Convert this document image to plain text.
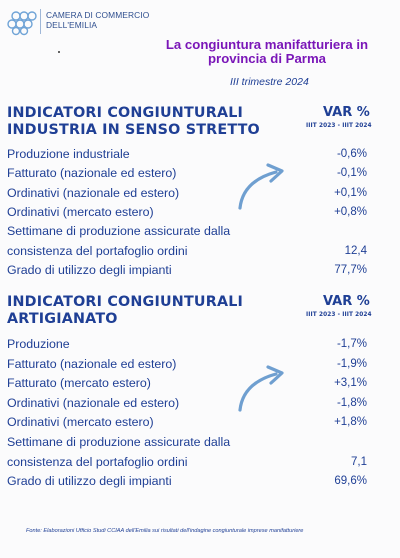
CAMERA DI COMMERCIO
DELL'EMILIA
La congiuntura manifatturiera in
provincia di Parma
III trimestre 2024
INDICATORI CONGIUNTURALI
INDUSTRIA IN SENSO STRETTO
VAR %
IIIT 2023 - IIIT 2024
Produzione industriale	-0,6%
Fatturato (nazionale ed estero)	-0,1%
Ordinativi (nazionale ed estero)	+0,1%
Ordinativi (mercato estero)	+0,8%
Settimane di produzione assicurate dalla
consistenza del portafoglio ordini	12,4
Grado di utilizzo degli impianti	77,7%
INDICATORI CONGIUNTURALI
ARTIGIANATO
VAR %
IIIT 2023 - IIIT 2024
Produzione	-1,7%
Fatturato (nazionale ed estero)	-1,9%
Fatturato (mercato estero)	+3,1%
Ordinativi (nazionale ed estero)	-1,8%
Ordinativi (mercato estero)	+1,8%
Settimane di produzione assicurate dalla
consistenza del portafoglio ordini	7,1
Grado di utilizzo degli impianti	69,6%
Fonte: Elaborazioni Ufficio Studi CCIAA dell'Emilia sui risultati dell'indagine congiunturale imprese manifatturiere
